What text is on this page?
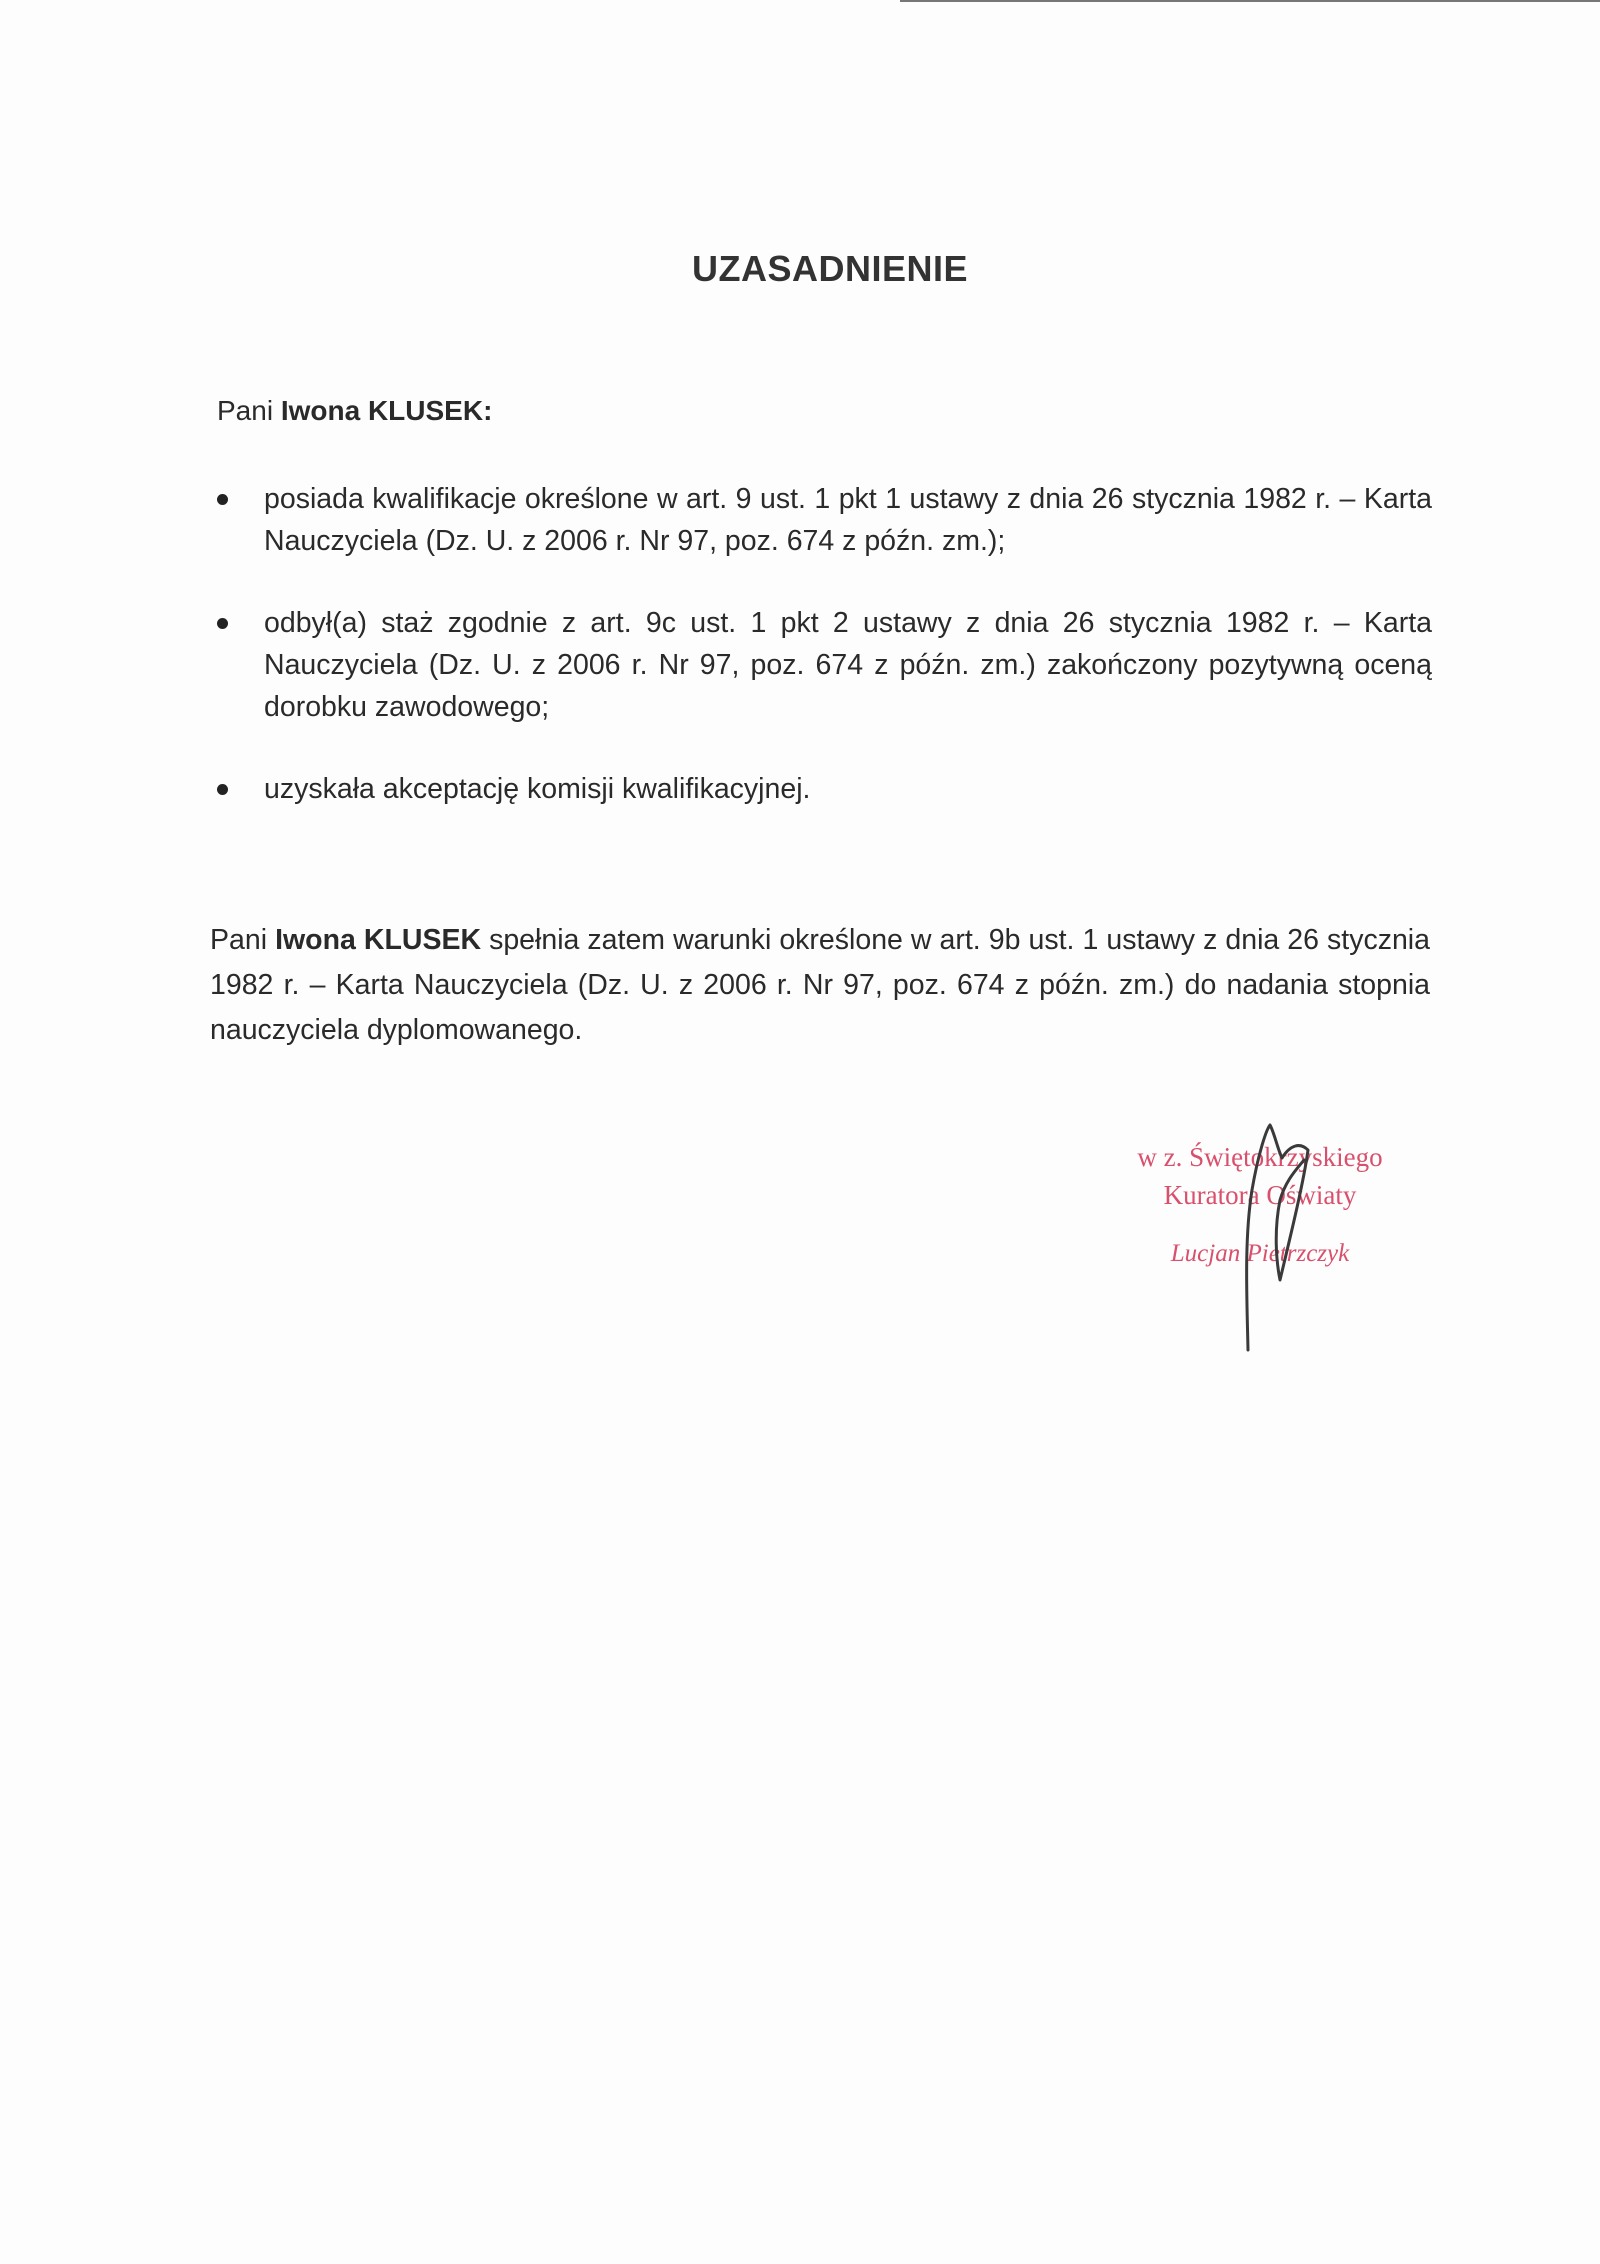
UZASADNIENIE
Pani Iwona KLUSEK:
posiada kwalifikacje określone w art. 9 ust. 1 pkt 1 ustawy z dnia 26 stycznia 1982 r. – Karta Nauczyciela (Dz. U. z 2006 r. Nr 97, poz. 674 z późn. zm.);
odbył(a) staż zgodnie z art. 9c ust. 1 pkt 2 ustawy z dnia 26 stycznia 1982 r. – Karta Nauczyciela (Dz. U. z 2006 r. Nr 97, poz. 674 z późn. zm.) zakończony pozytywną oceną dorobku zawodowego;
uzyskała akceptację komisji kwalifikacyjnej.
Pani Iwona KLUSEK spełnia zatem warunki określone w art. 9b ust. 1 ustawy z dnia 26 stycznia 1982 r. – Karta Nauczyciela (Dz. U. z 2006 r. Nr 97, poz. 674 z późn. zm.) do nadania stopnia nauczyciela dyplomowanego.
w z. Świętokrzyskiego
Kuratora Oświaty
Lucjan Pietrzczyk
